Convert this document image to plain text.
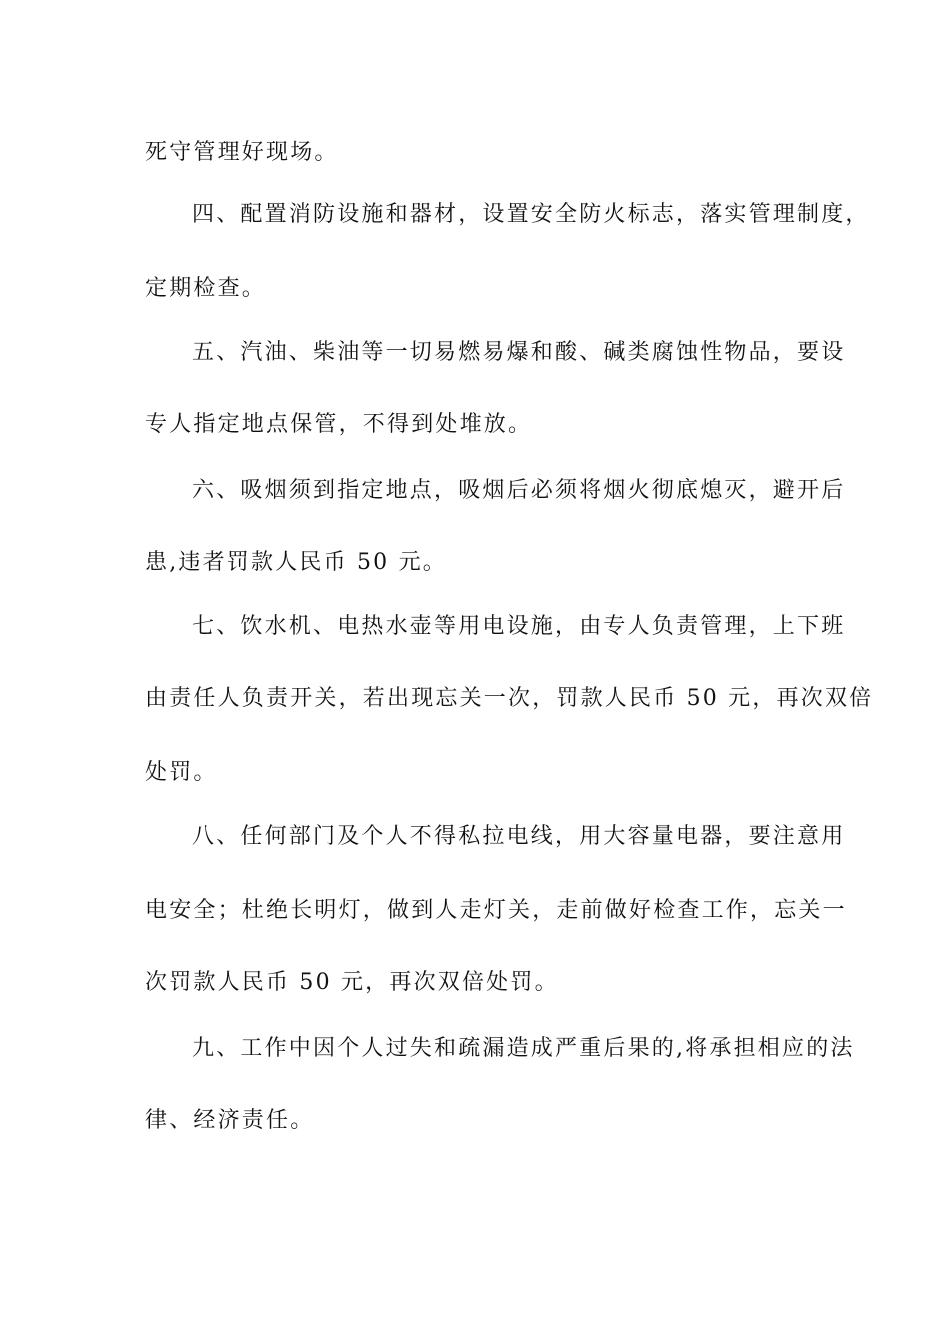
死守管理好现场。
四、配置消防设施和器材，设置安全防火标志，落实管理制度，
定期检查。
五、汽油、柴油等一切易燃易爆和酸、碱类腐蚀性物品，要设
专人指定地点保管，不得到处堆放。
六、吸烟须到指定地点，吸烟后必须将烟火彻底熄灭，避开后
患,违者罚款人民币 50 元。
七、饮水机、电热水壶等用电设施，由专人负责管理，上下班
由责任人负责开关，若出现忘关一次，罚款人民币 50 元，再次双倍
处罚。
八、任何部门及个人不得私拉电线，用大容量电器，要注意用
电安全；杜绝长明灯，做到人走灯关，走前做好检查工作，忘关一
次罚款人民币 50 元，再次双倍处罚。
九、工作中因个人过失和疏漏造成严重后果的,将承担相应的法
律、经济责任。
